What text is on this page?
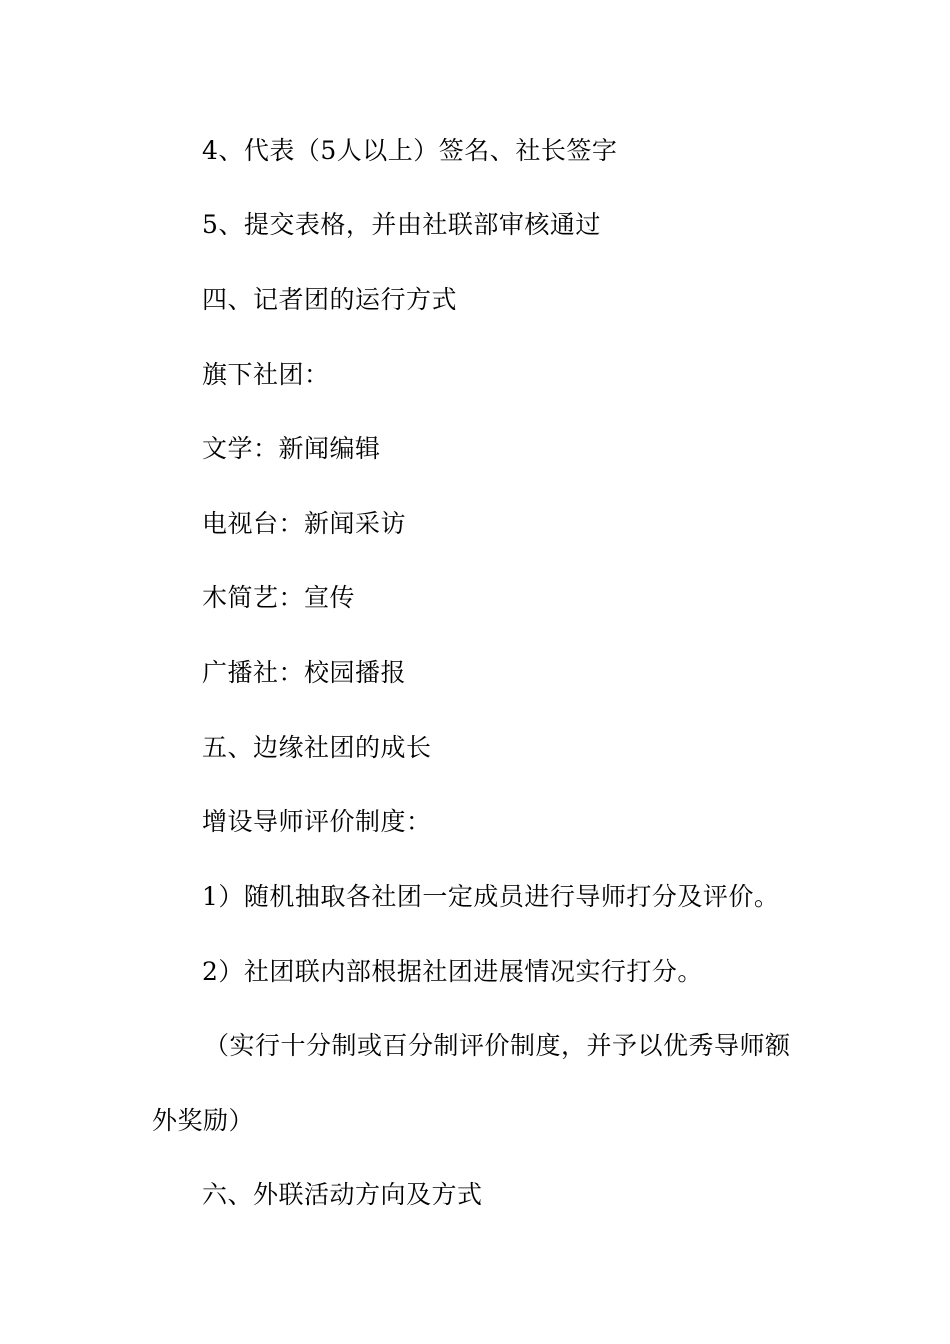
4、代表（5人以上）签名、社长签字
5、提交表格，并由社联部审核通过
四、记者团的运行方式
旗下社团：
文学：新闻编辑
电视台：新闻采访
木简艺：宣传
广播社：校园播报
五、边缘社团的成长
增设导师评价制度：
1）随机抽取各社团一定成员进行导师打分及评价。
2）社团联内部根据社团进展情况实行打分。
（实行十分制或百分制评价制度，并予以优秀导师额
外奖励）
六、外联活动方向及方式
